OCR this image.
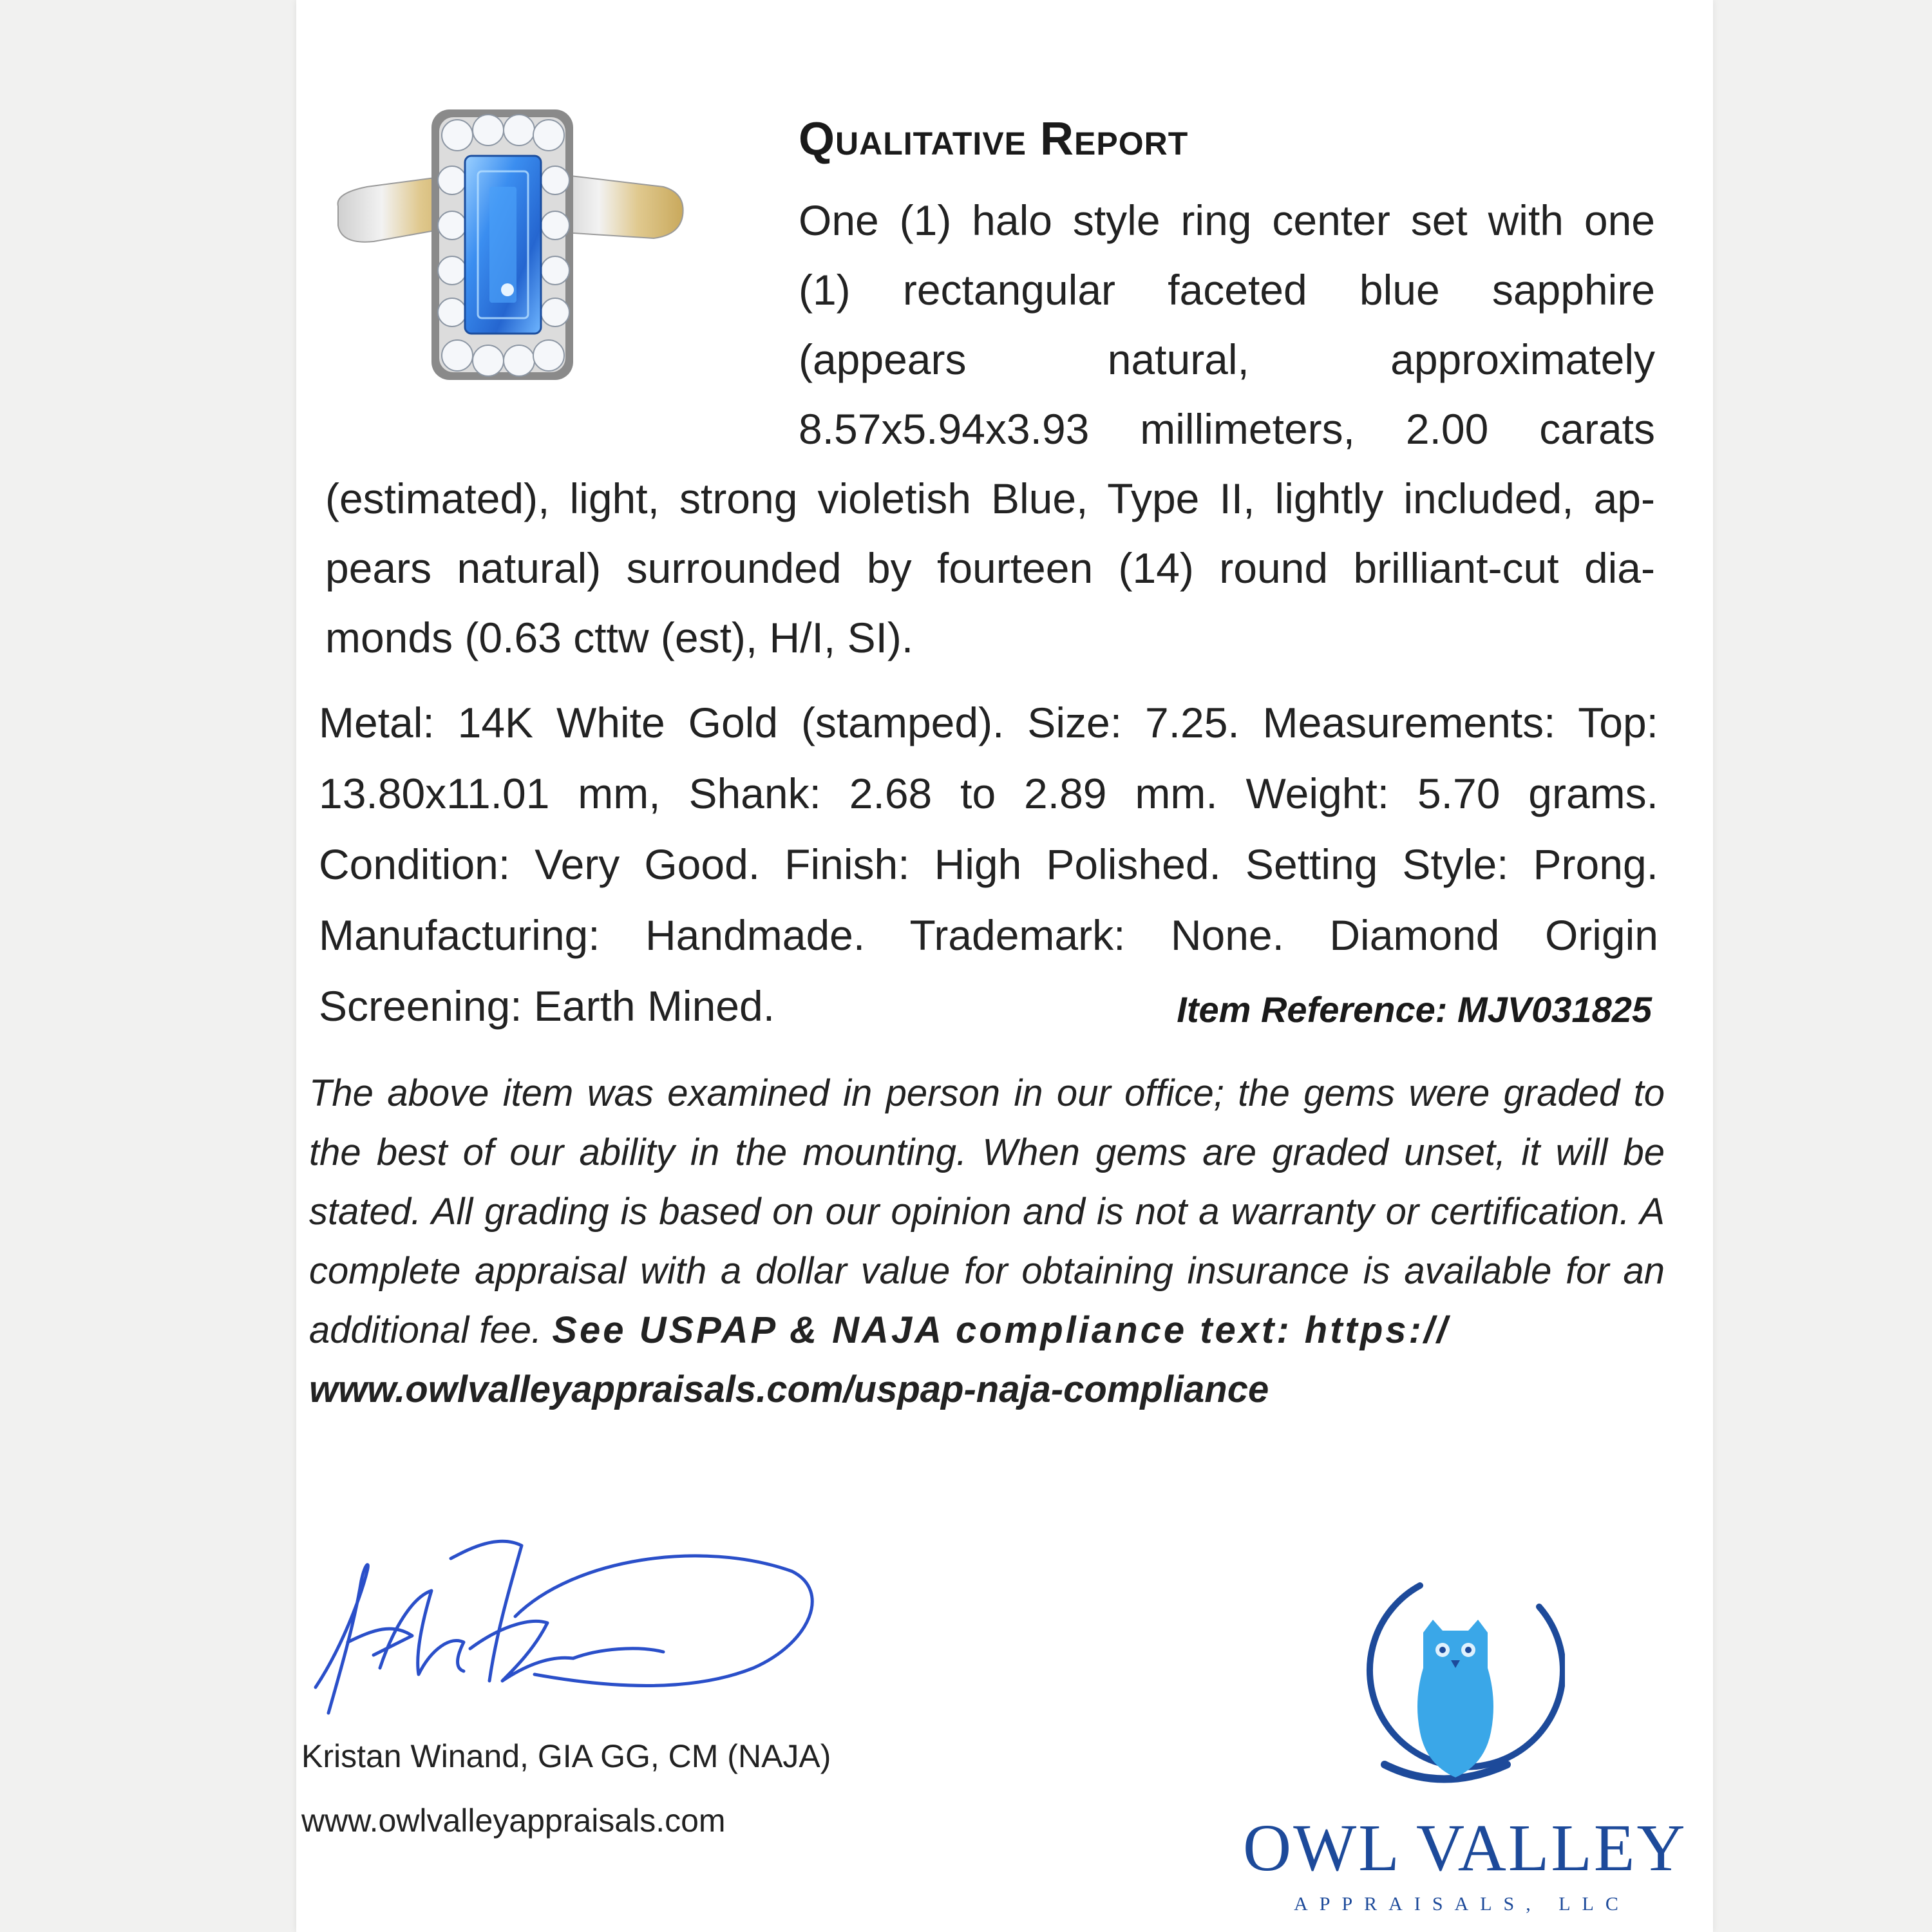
Qualitative Report
One (1) halo style ring center set with one
(1) rectangular faceted blue sapphire
(appears natural, approximately
8.57x5.94x3.93 millimeters, 2.00 carats
(estimated), light, strong violetish Blue, Type II, lightly included, ap-pears natural) surrounded by fourteen (14) round brilliant-cut dia-monds (0.63 cttw (est), H/I, SI).
Metal: 14K White Gold (stamped). Size: 7.25. Measurements: Top: 13.80x11.01 mm, Shank: 2.68 to 2.89 mm. Weight: 5.70 grams. Condition: Very Good. Finish: High Polished. Setting Style: Prong. Manufacturing: Handmade. Trademark: None. Diamond Origin Screening: Earth Mined.	Item Reference: MJV031825
The above item was examined in person in our office; the gems were graded to the best of our ability in the mounting. When gems are graded unset, it will be stated. All grading is based on our opinion and is not a warranty or certification. A complete appraisal with a dollar value for obtaining insurance is available for an additional fee. See USPAP & NAJA compliance text: https://
www.owlvalleyappraisals.com/uspap-naja-compliance
Kristan Winand, GIA GG, CM (NAJA)
www.owlvalleyappraisals.com	OWL VALLEY
APPRAISALS, LLC
